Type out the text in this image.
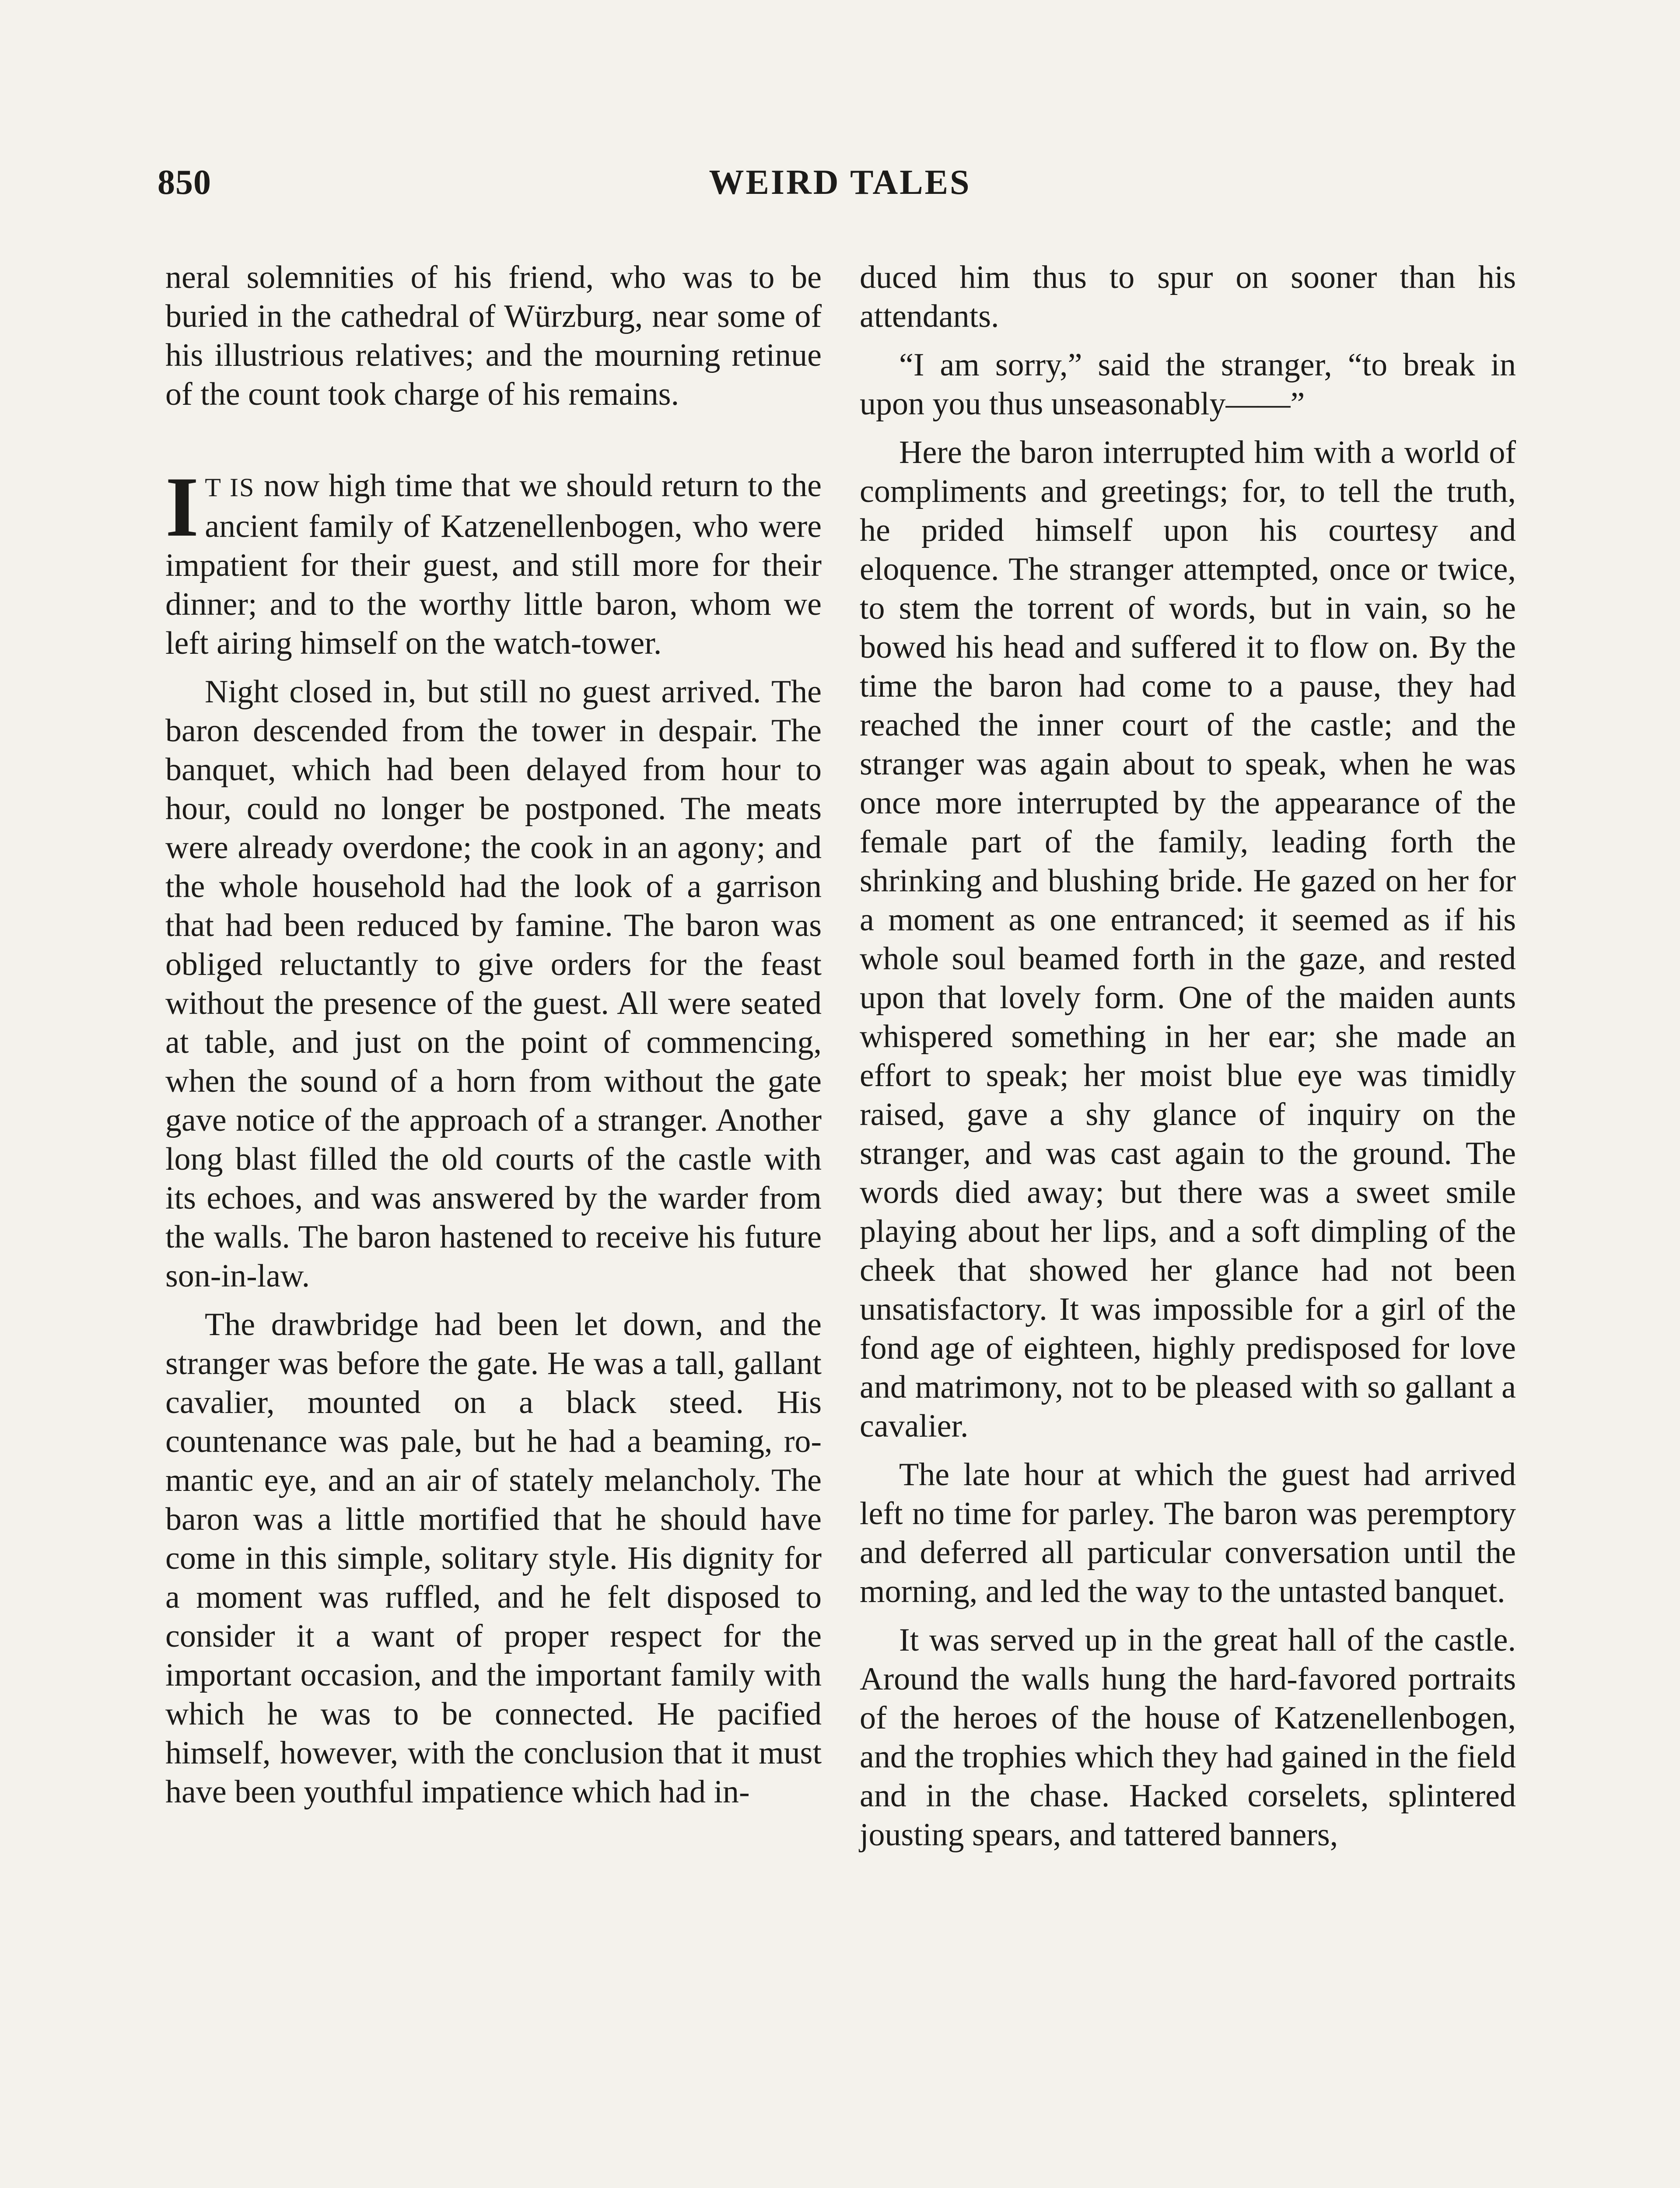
850	WEIRD TALES

neral solemnities of his friend, who was to be buried in the cathedral of Würzburg, near some of his illustrious relatives; and the mourning retinue of the count took charge of his remains.

I T IS now high time that we should return to the ancient family of Katzenellenbogen, who were impatient for their guest, and still more for their dinner; and to the worthy little baron, whom we left airing himself on the watch-tower.

Night closed in, but still no guest arrived. The baron descended from the tower in despair. The banquet, which had been delayed from hour to hour, could no longer be postponed. The meats were already overdone; the cook in an agony; and the whole household had the look of a garrison that had been reduced by famine. The baron was obliged reluctantly to give orders for the feast without the presence of the guest. All were seated at table, and just on the point of commencing, when the sound of a horn from without the gate gave notice of the approach of a stranger. Another long blast filled the old courts of the castle with its echoes, and was answered by the warder from the walls. The baron hastened to receive his future son-in-law.

The drawbridge had been let down, and the stranger was before the gate. He was a tall, gallant cavalier, mounted on a black steed. His countenance was pale, but he had a beaming, romantic eye, and an air of stately melancholy. The baron was a little mortified that he should have come in this simple, solitary style. His dignity for a moment was ruffled, and he felt disposed to consider it a want of proper respect for the important occasion, and the important family with which he was to be connected. He pacified himself, however, with the conclusion that it must have been youthful impatience which had in-

duced him thus to spur on sooner than his attendants.

“I am sorry,” said the stranger, “to break in upon you thus unseasonably——”

Here the baron interrupted him with a world of compliments and greetings; for, to tell the truth, he prided himself upon his courtesy and eloquence. The stranger attempted, once or twice, to stem the torrent of words, but in vain, so he bowed his head and suffered it to flow on. By the time the baron had come to a pause, they had reached the inner court of the castle; and the stranger was again about to speak, when he was once more interrupted by the appearance of the female part of the family, leading forth the shrinking and blushing bride. He gazed on her for a moment as one entranced; it seemed as if his whole soul beamed forth in the gaze, and rested upon that lovely form. One of the maiden aunts whispered something in her ear; she made an effort to speak; her moist blue eye was timidly raised, gave a shy glance of inquiry on the stranger, and was cast again to the ground. The words died away; but there was a sweet smile playing about her lips, and a soft dimpling of the cheek that showed her glance had not been unsatisfactory. It was impossible for a girl of the fond age of eighteen, highly predisposed for love and matrimony, not to be pleased with so gallant a cavalier.

The late hour at which the guest had arrived left no time for parley. The baron was peremptory and deferred all particular conversation until the morning, and led the way to the untasted banquet.

It was served up in the great hall of the castle. Around the walls hung the hard-favored portraits of the heroes of the house of Katzenellenbogen, and the trophies which they had gained in the field and in the chase. Hacked corselets, splintered jousting spears, and tattered banners,
